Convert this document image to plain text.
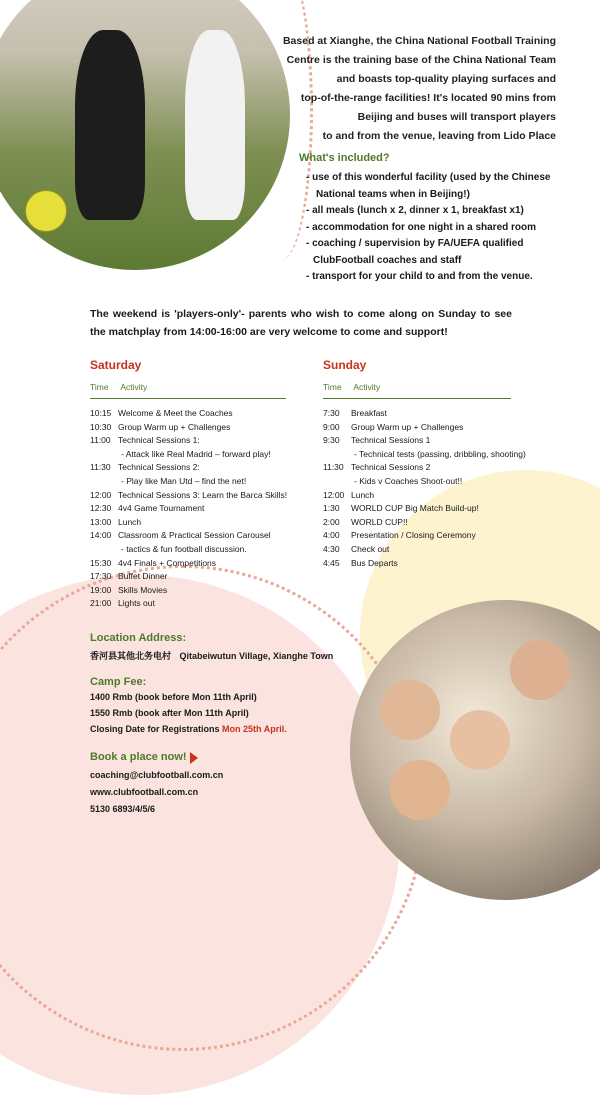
Based at Xianghe, the China National Football Training
Centre is the training base of the China National Team
and boasts top-quality playing surfaces and
top-of-the-range facilities! It's located 90 mins from
Beijing and buses will transport players
to and from the venue, leaving from Lido Place
What's included?
- use of this wonderful facility (used by the Chinese
National teams when in Beijing!)
- all meals (lunch x 2, dinner x 1, breakfast x1)
- accommodation for one night in a shared room
- coaching / supervision by FA/UEFA qualified
ClubFootball coaches and staff
- transport for your child to and from the venue.
The weekend is 'players-only'- parents who wish to come along on Sunday to see the matchplay from 14:00-16:00 are very welcome to come and support!
Saturday
Time Activity
10:15 Welcome & Meet the Coaches
10:30 Group Warm up + Challenges
11:00 Technical Sessions 1:
- Attack like Real Madrid – forward play!
11:30 Technical Sessions 2:
- Play like Man Utd – find the net!
12:00 Technical Sessions 3: Learn the Barca Skills!
12:30 4v4 Game Tournament
13:00 Lunch
14:00 Classroom & Practical Session Carousel
- tactics & fun football discussion.
15:30 4v4 Finals + Competitions
17:30 Buffet Dinner
19:00 Skills Movies
21:00 Lights out
Sunday
Time Activity
7:30 Breakfast
9:00 Group Warm up + Challenges
9:30 Technical Sessions 1
- Technical tests (passing, dribbling, shooting)
11:30 Technical Sessions 2
- Kids v Coaches Shoot-out!!
12:00 Lunch
1:30 WORLD CUP Big Match Build-up!
2:00 WORLD CUP!!
4:00 Presentation / Closing Ceremony
4:30 Check out
4:45 Bus Departs
Location Address:
香河县其他北务电村 Qitabeiwutun Village, Xianghe Town
Camp Fee:
1400 Rmb (book before Mon 11th April)
1550 Rmb (book after Mon 11th April)
Closing Date for Registrations Mon 25th April.
Book a place now!
coaching@clubfootball.com.cn
www.clubfootball.com.cn
5130 6893/4/5/6
